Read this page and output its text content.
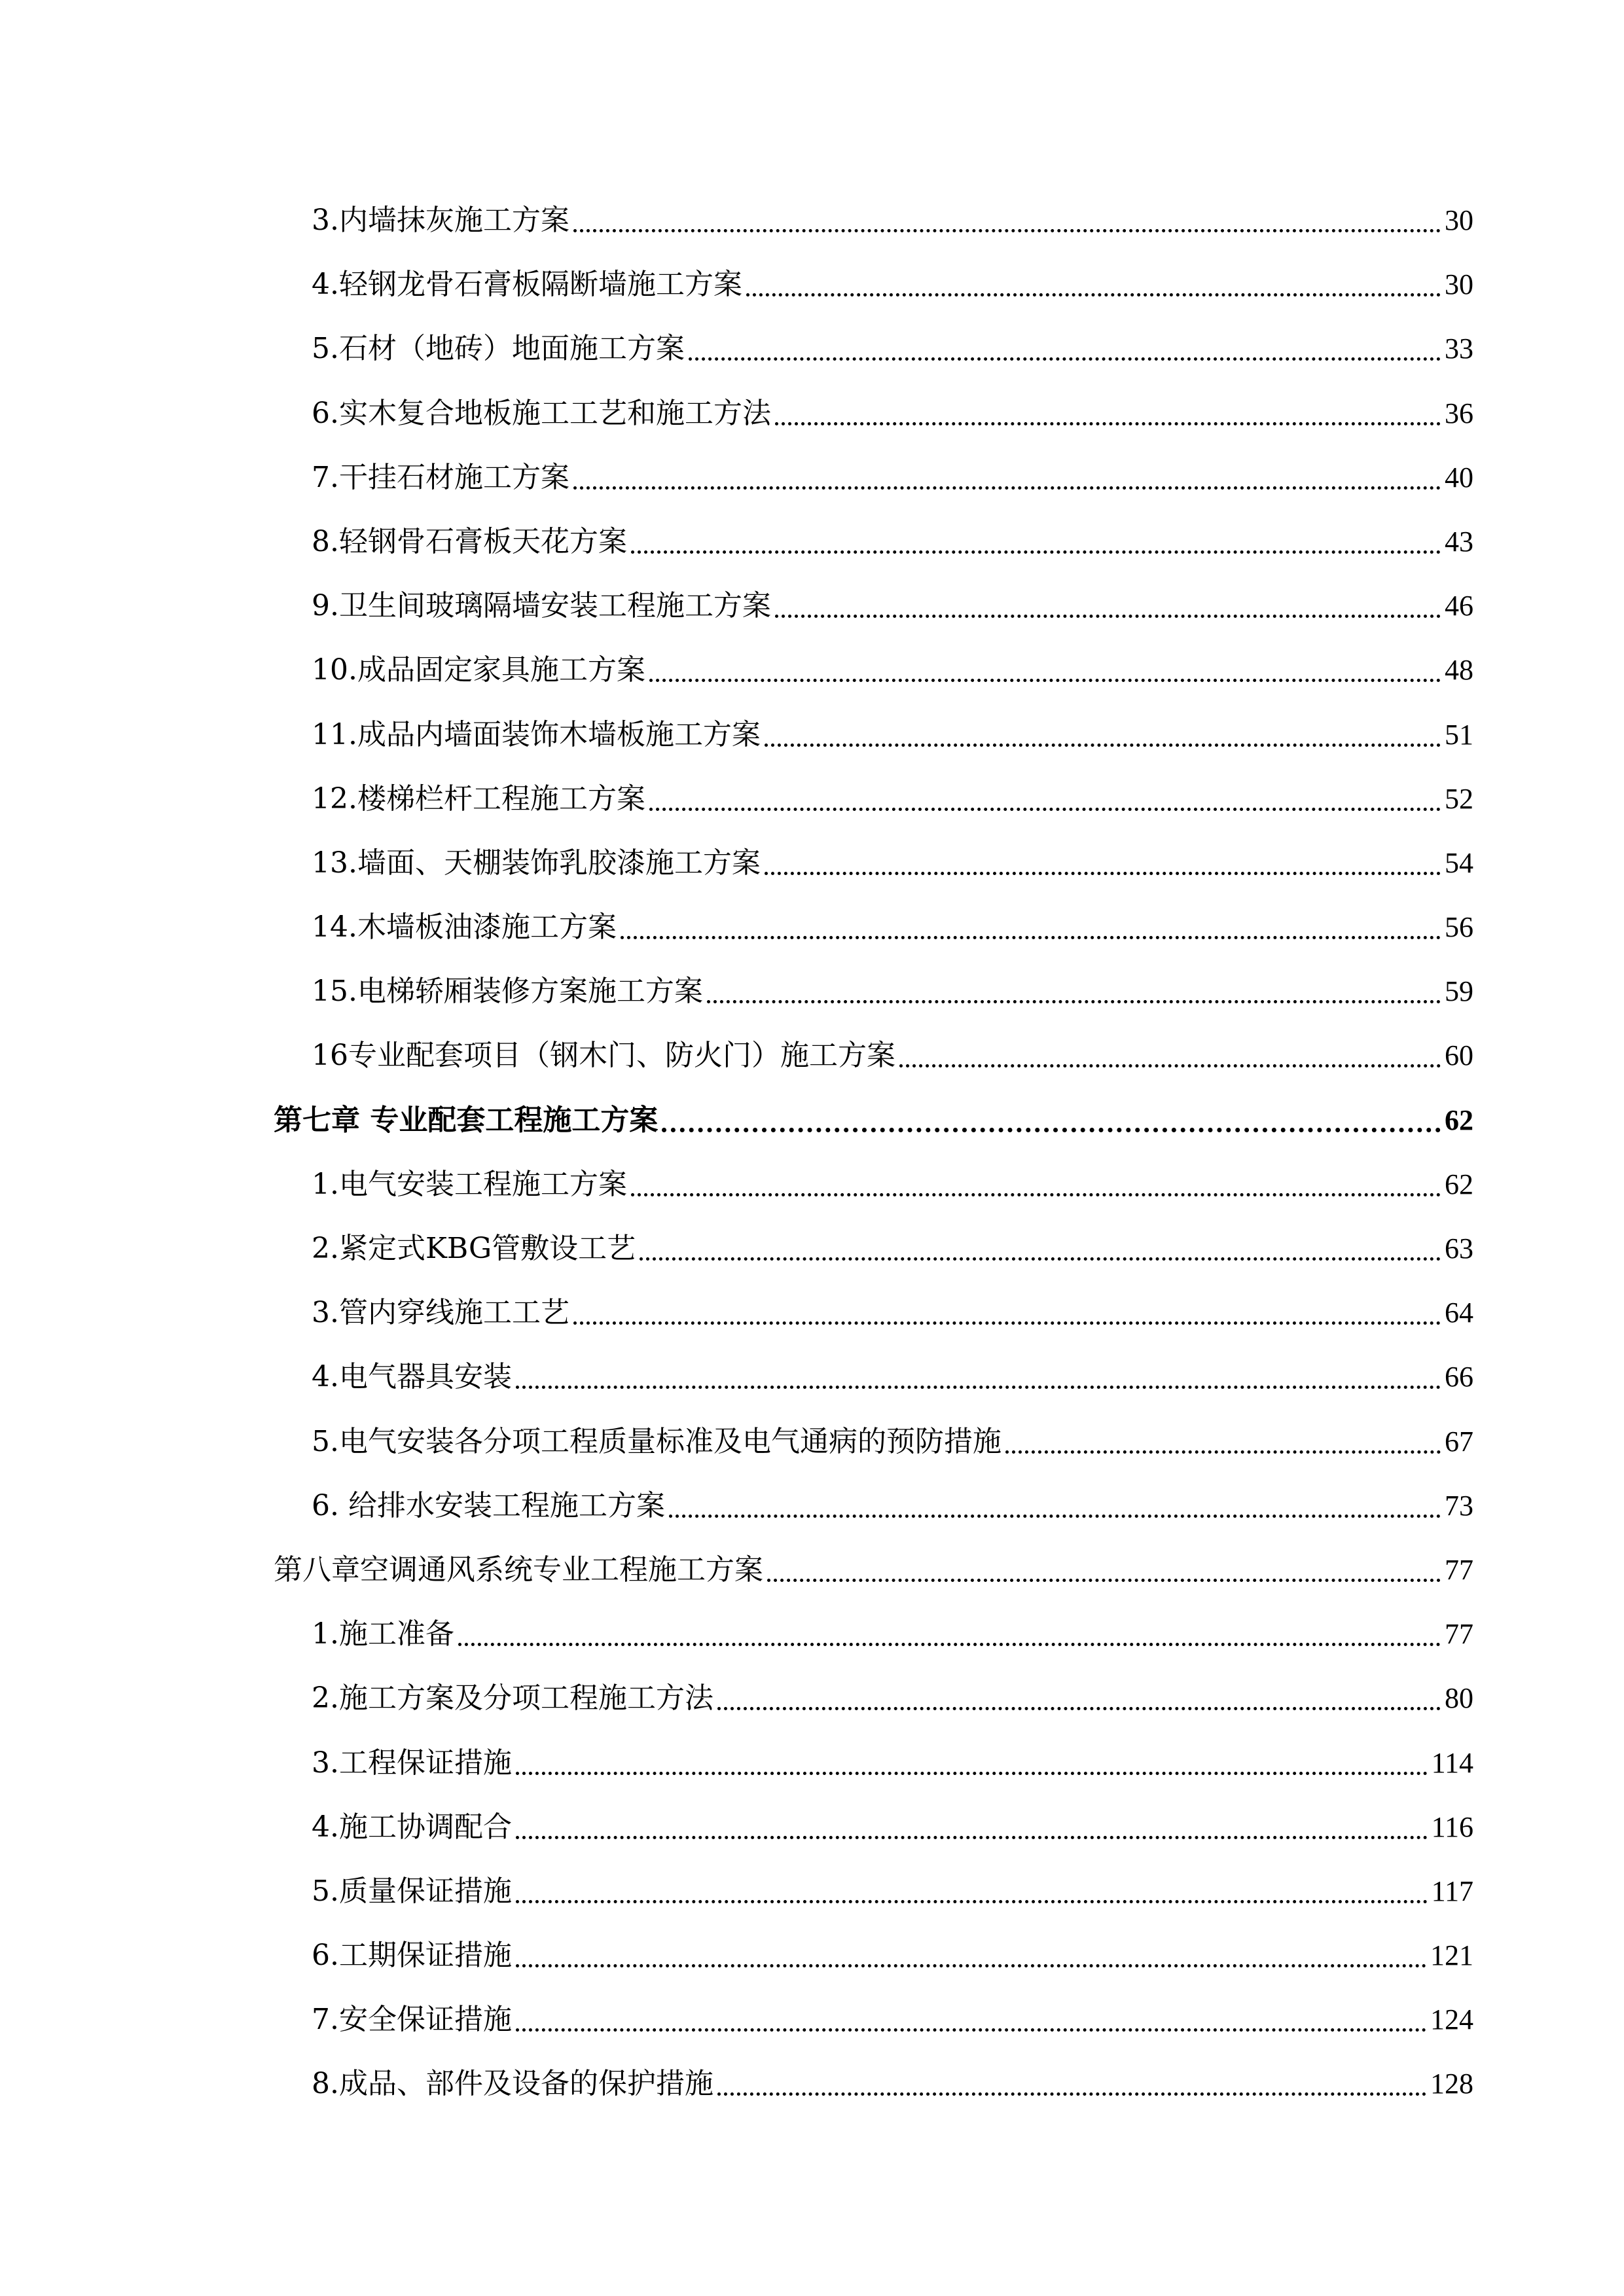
3.内墙抹灰施工方案	30
4.轻钢龙骨石膏板隔断墙施工方案	30
5.石材（地砖）地面施工方案	33
6.实木复合地板施工工艺和施工方法	36
7.干挂石材施工方案	40
8.轻钢骨石膏板天花方案	43
9.卫生间玻璃隔墙安装工程施工方案	46
10.成品固定家具施工方案	48
11.成品内墙面装饰木墙板施工方案	51
12.楼梯栏杆工程施工方案	52
13.墙面、天棚装饰乳胶漆施工方案	54
14.木墙板油漆施工方案	56
15.电梯轿厢装修方案施工方案	59
16专业配套项目（钢木门、防火门）施工方案	60
第七章 专业配套工程施工方案	62
1.电气安装工程施工方案	62
2.紧定式KBG管敷设工艺	63
3.管内穿线施工工艺	64
4.电气器具安装	66
5.电气安装各分项工程质量标准及电气通病的预防措施	67
6. 给排水安装工程施工方案	73
第八章空调通风系统专业工程施工方案	77
1.施工准备	77
2.施工方案及分项工程施工方法	80
3.工程保证措施	114
4.施工协调配合	116
5.质量保证措施	117
6.工期保证措施	121
7.安全保证措施	124
8.成品、部件及设备的保护措施	128
